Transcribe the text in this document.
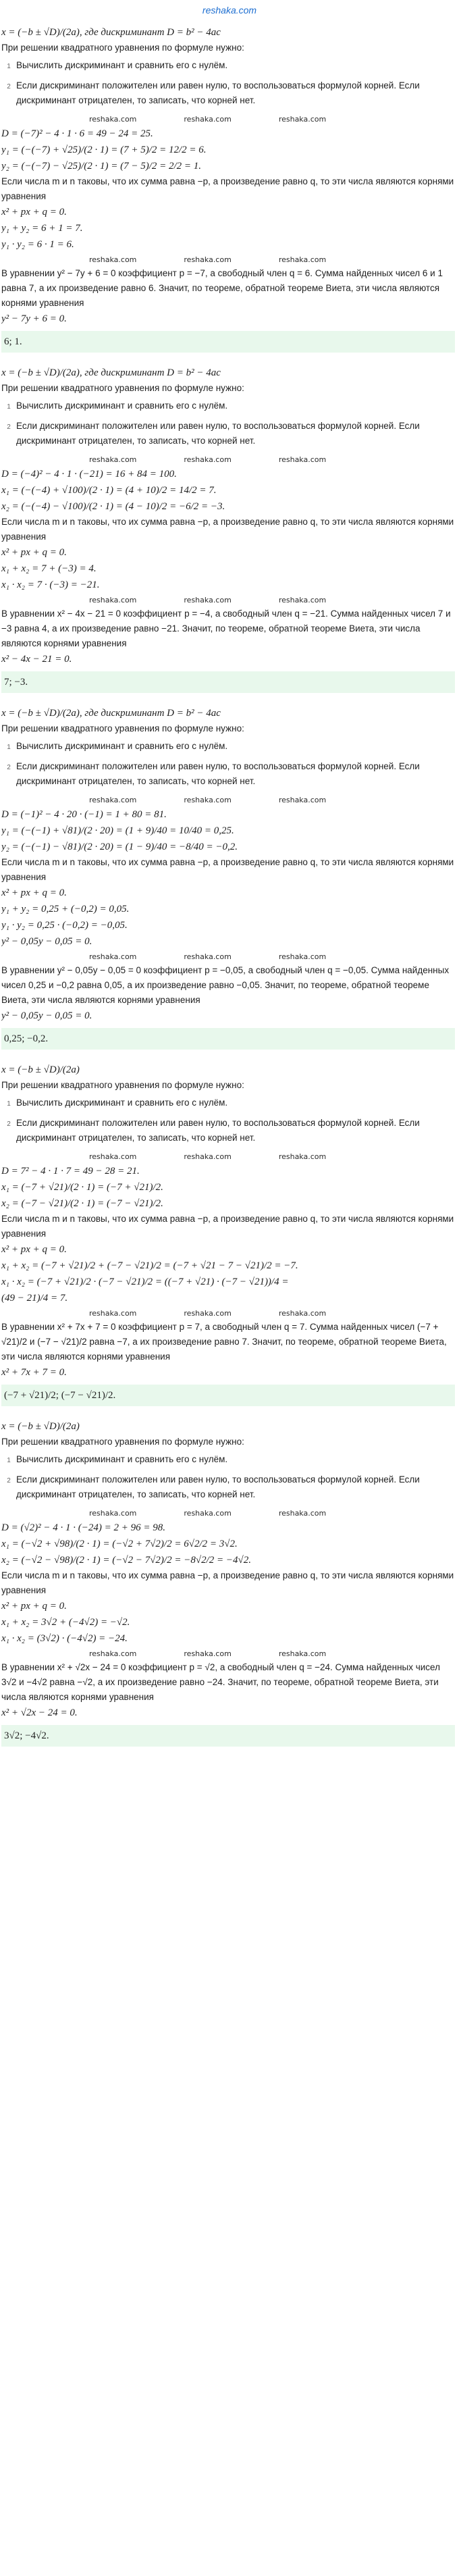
reshaka.com
x = (−b ± √D)/(2a), где дискриминант D = b² − 4ac
При решении квадратного уравнения по формуле нужно:
1 Вычислить дискриминант и сравнить его с нулём.
2 Если дискриминант положителен или равен нулю, то воспользоваться формулой корней. Если дискриминант отрицателен, то записать, что корней нет.
reshaka.com	reshaka.com	reshaka.com
D = (−7)² − 4 · 1 · 6 = 49 − 24 = 25.
y₁ = (−(−7) + √25)/(2 · 1) = (7 + 5)/2 = 12/2 = 6.
y₂ = (−(−7) − √25)/(2 · 1) = (7 − 5)/2 = 2/2 = 1.
Если числа m и n таковы, что их сумма равна −p, а произведение равно q, то эти числа являются корнями уравнения
x² + px + q = 0.
y₁ + y₂ = 6 + 1 = 7.
y₁ · y₂ = 6 · 1 = 6.
reshaka.com	reshaka.com	reshaka.com
В уравнении y² − 7y + 6 = 0 коэффициент p = −7, а свободный член q = 6. Сумма найденных чисел 6 и 1 равна 7, а их произведение равно 6. Значит, по теореме, обратной теореме Виета, эти числа являются корнями уравнения
y² − 7y + 6 = 0.
6; 1.
x = (−b ± √D)/(2a), где дискриминант D = b² − 4ac
При решении квадратного уравнения по формуле нужно:
1 Вычислить дискриминант и сравнить его с нулём.
2 Если дискриминант положителен или равен нулю, то воспользоваться формулой корней. Если дискриминант отрицателен, то записать, что корней нет.
reshaka.com	reshaka.com	reshaka.com
D = (−4)² − 4 · 1 · (−21) = 16 + 84 = 100.
x₁ = (−(−4) + √100)/(2 · 1) = (4 + 10)/2 = 14/2 = 7.
x₂ = (−(−4) − √100)/(2 · 1) = (4 − 10)/2 = −6/2 = −3.
Если числа m и n таковы, что их сумма равна −p, а произведение равно q, то эти числа являются корнями уравнения
x² + px + q = 0.
x₁ + x₂ = 7 + (−3) = 4.
x₁ · x₂ = 7 · (−3) = −21.
reshaka.com	reshaka.com	reshaka.com
В уравнении x² − 4x − 21 = 0 коэффициент p = −4, а свободный член q = −21. Сумма найденных чисел 7 и −3 равна 4, а их произведение равно −21. Значит, по теореме, обратной теореме Виета, эти числа являются корнями уравнения
x² − 4x − 21 = 0.
7; −3.
x = (−b ± √D)/(2a), где дискриминант D = b² − 4ac
При решении квадратного уравнения по формуле нужно:
1 Вычислить дискриминант и сравнить его с нулём.
2 Если дискриминант положителен или равен нулю, то воспользоваться формулой корней. Если дискриминант отрицателен, то записать, что корней нет.
reshaka.com	reshaka.com	reshaka.com
D = (−1)² − 4 · 20 · (−1) = 1 + 80 = 81.
y₁ = (−(−1) + √81)/(2 · 20) = (1 + 9)/40 = 10/40 = 0,25.
y₂ = (−(−1) − √81)/(2 · 20) = (1 − 9)/40 = −8/40 = −0,2.
Если числа m и n таковы, что их сумма равна −p, а произведение равно q, то эти числа являются корнями уравнения
x² + px + q = 0.
y₁ + y₂ = 0,25 + (−0,2) = 0,05.
y₁ · y₂ = 0,25 · (−0,2) = −0,05.
y² − 0,05y − 0,05 = 0.
reshaka.com	reshaka.com	reshaka.com
В уравнении y² − 0,05y − 0,05 = 0 коэффициент p = −0,05, а свободный член q = −0,05. Сумма найденных чисел 0,25 и −0,2 равна 0,05, а их произведение равно −0,05. Значит, по теореме, обратной теореме Виета, эти числа являются корнями уравнения
y² − 0,05y − 0,05 = 0.
0,25; −0,2.
x = (−b ± √D)/(2a)
При решении квадратного уравнения по формуле нужно:
1 Вычислить дискриминант и сравнить его с нулём.
2 Если дискриминант положителен или равен нулю, то воспользоваться формулой корней. Если дискриминант отрицателен, то записать, что корней нет.
reshaka.com	reshaka.com	reshaka.com
D = 7² − 4 · 1 · 7 = 49 − 28 = 21.
x₁ = (−7 + √21)/(2 · 1) = (−7 + √21)/2.
x₂ = (−7 − √21)/(2 · 1) = (−7 − √21)/2.
Если числа m и n таковы, что их сумма равна −p, а произведение равно q, то эти числа являются корнями уравнения
x² + px + q = 0.
x₁ + x₂ = (−7 + √21)/2 + (−7 − √21)/2 = (−7 + √21 − 7 − √21)/2 = −7.
x₁ · x₂ = (−7 + √21)/2 · (−7 − √21)/2 = ((−7 + √21) · (−7 − √21))/4 =
(49 − 21)/4 = 7.
reshaka.com	reshaka.com	reshaka.com
В уравнении x² + 7x + 7 = 0 коэффициент p = 7, а свободный член q = 7. Сумма найденных чисел (−7 + √21)/2 и (−7 − √21)/2 равна −7, а их произведение равно 7. Значит, по теореме, обратной теореме Виета, эти числа являются корнями уравнения
x² + 7x + 7 = 0.
(−7 + √21)/2; (−7 − √21)/2.
x = (−b ± √D)/(2a)
При решении квадратного уравнения по формуле нужно:
1 Вычислить дискриминант и сравнить его с нулём.
2 Если дискриминант положителен или равен нулю, то воспользоваться формулой корней. Если дискриминант отрицателен, то записать, что корней нет.
reshaka.com	reshaka.com	reshaka.com
D = (√2)² − 4 · 1 · (−24) = 2 + 96 = 98.
x₁ = (−√2 + √98)/(2 · 1) = (−√2 + 7√2)/2 = 6√2/2 = 3√2.
x₂ = (−√2 − √98)/(2 · 1) = (−√2 − 7√2)/2 = −8√2/2 = −4√2.
Если числа m и n таковы, что их сумма равна −p, а произведение равно q, то эти числа являются корнями уравнения
x² + px + q = 0.
x₁ + x₂ = 3√2 + (−4√2) = −√2.
x₁ · x₂ = (3√2) · (−4√2) = −24.
reshaka.com	reshaka.com	reshaka.com
В уравнении x² + √2x − 24 = 0 коэффициент p = √2, а свободный член q = −24. Сумма найденных чисел 3√2 и −4√2 равна −√2, а их произведение равно −24. Значит, по теореме, обратной теореме Виета, эти числа являются корнями уравнения
x² + √2x − 24 = 0.
3√2; −4√2.
